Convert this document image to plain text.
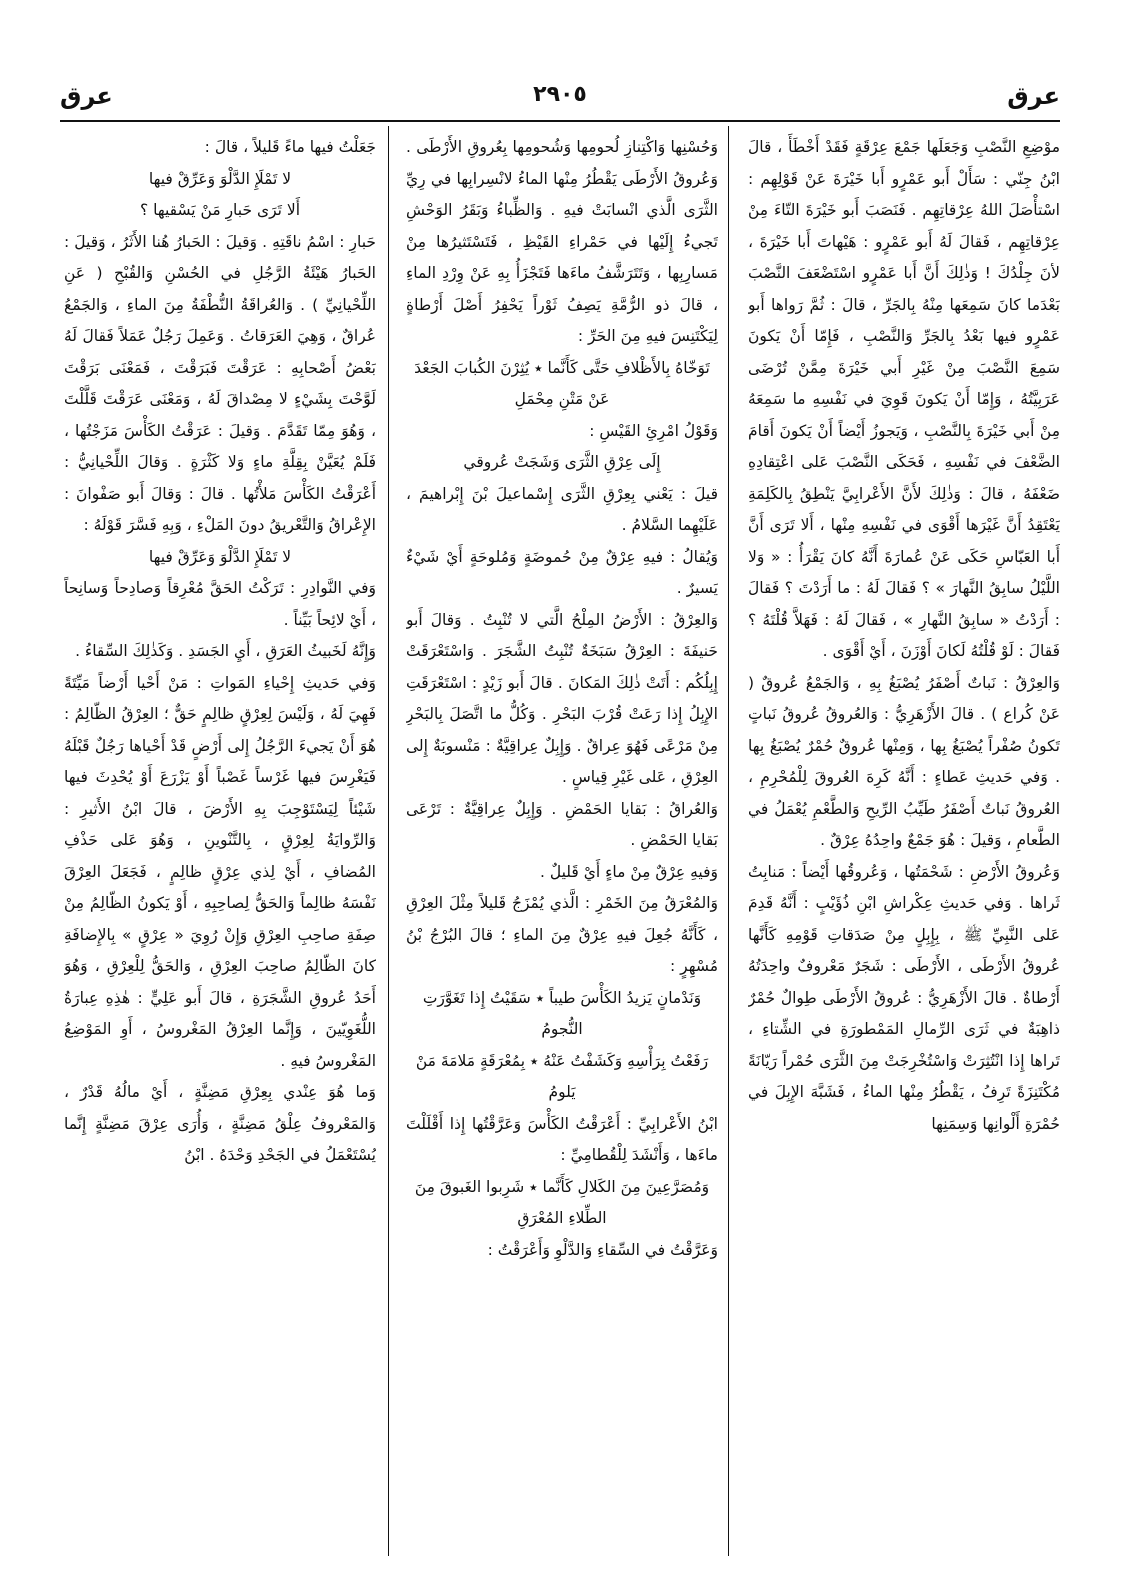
عرق
٢٩٠٥
عرق

موْضِعِ النَّصْبِ وَجَعَلَها جَمْعَ عِرْقَةٍ فَقَدْ أَخْطَأَ ، قالَ ابْنُ جِنّي : سَأَلْ أَبو عَمْرٍو أَبا خَيْرَةَ عَنْ قَوْلِهِم : اسْتأْصَلَ اللهُ عِرْقاتِهِم . فَنَصَبَ أَبو خَيْرَةَ التّاءَ مِنْ عِرْقاتِهِم ، فَقالَ لَهُ أَبو عَمْرٍو : هَيْهاتَ أَبا خَيْرَةَ ، لأنَ جِلْدُكَ ! وَذٰلِكَ أَنَّ أَبا عَمْرٍو اسْتَضْعَفَ النَّصْبَ بَعْدَما كانَ سَمِعَها مِنْهُ بِالجَرِّ ، قالَ : ثُمَّ رَواها أَبو عَمْرٍو فيها بَعْدُ بِالجَرِّ وَالنَّصْبِ ، فَإِمّا أَنْ يَكونَ سَمِعَ النَّصْبَ مِنْ غَيْرِ أَبي خَيْرَةَ مِمَّنْ تُرْضَى عَرَبِيَّتُهُ ، وَإِمّا أَنْ يَكونَ قَوِيَ في نَفْسِهِ ما سَمِعَهُ مِنْ أَبي خَيْرَةَ بِالنَّصْبِ ، وَيَجوزُ أَيْضاً أَنْ يَكونَ أَقامَ الضَّعْفَ في نَفْسِهِ ، فَحَكَى النَّصْبَ عَلى اعْتِقادِهِ ضَعْفَهُ ، قالَ : وَذٰلِكَ لأَنَّ الأَعْرابِيَّ يَنْطِقُ بِالكَلِمَةِ يَعْتَقِدُ أَنَّ غَيْرَها أَقْوَى في نَفْسِهِ مِنْها ، أَلا تَرَى أَنَّ أَبا العَبّاسِ حَكَى عَنْ عُمارَةَ أَنَّهُ كانَ يَقْرَأُ : « وَلا اللَّيْلُ سابِقُ النَّهارَ » ؟ فَقالَ لَهُ : ما أَرَدْتَ ؟ فَقالَ : أَرَدْتُ « سابِقُ النَّهارِ » ، فَقالَ لَهُ : فَهَلاَّ قُلْتَهُ ؟ فَقالَ : لَوْ قُلْتُهُ لَكانَ أَوْزَنَ ، أَيْ أَقْوَى .

وَالعِرْقُ : نَباتٌ أَصْفَرُ يُصْبَغُ بِهِ ، وَالجَمْعُ عُروقٌ ( عَنْ كُراع ) . قالَ الأَزْهَرِيُّ : وَالعُروقُ عُروقُ نَباتٍ تَكونُ صُفْراً يُصْبَغُ بِها ، وَمِنْها عُروقٌ حُمْرٌ يُصْبَغُ بِها . وَفي حَديثِ عَطاءٍ : أَنَّهُ كَرِهَ العُروقَ لِلْمُحْرِمِ ، العُروقُ نَباتٌ أَصْفَرُ طَيِّبُ الرِّيحِ وَالطَّعْمِ يُعْمَلُ في الطَّعامِ ، وَقيلَ : هُوَ جَمْعٌ واحِدُهُ عِرْقٌ .

وَعُروقُ الأَرْضِ : شَحْمَتُها ، وَعُروقُها أَيْضاً : مَنابِتُ ثَراها . وَفي حَديثِ عِكْراشِ ابْنِ ذُؤَيْبٍ : أَنَّهُ قَدِمَ عَلى النَّبِيِّ ﷺ ، بِإِبِلٍ مِنْ صَدَقاتِ قَوْمِهِ كَأَنَّها عُروقُ الأَرْطَى ، الأَرْطَى : شَجَرٌ مَعْروفٌ واحِدَتُهُ أَرْطاةٌ . قالَ الأَزْهَرِيُّ : عُروقُ الأَرْطَى طِوالٌ حُمْرٌ ذاهِبَةٌ في ثَرَى الرِّمالِ المَمْطورَةِ في الشِّتاءِ ، تَراها إِذا انْتُثِرَتْ وَاسْتُخْرِجَتْ مِنَ الثَّرَى حُمْراً رَيّانَةً مُكْتَنِزَةً تَرِفُ ، يَقْطُرُ مِنْها الماءُ ، فَشَبَّهَ الإِبِلَ في حُمْرَةِ أَلْوانِها وَسِمَنِها

وَحُسْنِها وَاكْتِنازِ لُحومِها وَشُحومِها بِعُروقِ الأَرْطَى . وَعُروقُ الأَرْطَى يَقْطُرُ مِنْها الماءُ لانْسِرابِها في رِيِّ الثَّرَى الَّذي انْسابَتْ فيهِ . وَالظِّباءُ وَبَقَرُ الوَحْشِ تَجيءُ إِلَيْها في حَمْراءِ القَيْظِ ، فَتَسْتَثيرُها مِنْ مَسارِبِها ، وَتَتَرَشَّفُ ماءَها فَتَجْزَأُ بِهِ عَنْ وِرْدِ الماءِ ، قالَ ذو الرُّمَّةِ يَصِفُ ثَوْراً يَحْفِرُ أَصْلَ أَرْطاةٍ لِيَكْتَنِسَ فيهِ مِنَ الحَرِّ :

تَوَخّاهُ بِالأَظْلافِ حَتَّى كَأَنَّما ٭ يُثِرْنَ الكُبابَ الجَعْدَ عَنْ مَتْنِ مِحْمَلِ

وَقَوْلُ امْرِئِ القَيْسِ :

إِلَى عِرْقِ الثَّرَى وَشَجَتْ عُروقي

قيلَ : يَعْني بِعِرْقِ الثَّرَى إِسْماعيلَ بْنَ إِبْراهيمَ ، عَلَيْهِما السَّلامُ .

وَيُقالُ : فيهِ عِرْقٌ مِنْ حُموضَةٍ وَمُلوحَةٍ أَيْ شَيْءٌ يَسيرٌ .

وَالعِرْقُ : الأَرْضُ المِلْحُ الَّتي لا تُنْبِتُ . وَقالَ أَبو حَنيفَةَ : العِرْقُ سَبَخَةٌ تُنْبِتُ الشَّجَرَ . وَاسْتَعْرَقَتْ إِبِلُكُم : أَتَتْ ذٰلِكَ المَكانَ . قالَ أَبو زَيْدٍ : اسْتَعْرَقَتِ الإِبِلُ إِذا رَعَتْ قُرْبَ البَحْرِ . وَكُلُّ ما اتَّصَلَ بِالبَحْرِ مِنْ مَرْعًى فَهُوَ عِراقٌ . وَإِبِلٌ عِراقِيَّةٌ : مَنْسوبَةٌ إِلى العِرْقِ ، عَلى غَيْرِ قِياسٍ .

وَالعُراقُ : بَقايا الحَمْضِ . وَإِبِلٌ عِراقِيَّةٌ : تَرْعَى بَقايا الحَمْضِ .

وَفيهِ عِرْقٌ مِنْ ماءٍ أَيْ قَليلٌ .

وَالمُعْرَقُ مِنَ الخَمْرِ : الَّذي يُمْزَجُ قَليلاً مِثْلَ العِرْقِ ، كَأَنَّهُ جُعِلَ فيهِ عِرْقٌ مِنَ الماءِ ؛ قالَ البُرْجُ بْنُ مُسْهِرٍ :

وَنَدْمانٍ يَزيدُ الكَأْسَ طيباً ٭ سَقَيْتُ إِذا تَغَوَّرَتِ النُّجومُ

رَفَعْتُ بِرَأْسِهِ وَكَشَفْتُ عَنْهُ ٭ بِمُعْرَقَةٍ مَلامَةَ مَنْ يَلومُ

ابْنُ الأَعْرابِيِّ : أَعْرَقْتُ الكَأْسَ وَعَرَّقْتُها إِذا أَقْلَلْتَ ماءَها ، وَأَنْشَدَ لِلْقُطامِيِّ :

وَمُصَرَّعِينَ مِنَ الكَلالِ كَأَنَّما ٭ شَرِبوا الغَبوقَ مِنَ الطِّلاءِ المُعْرَقِ

وَعَرَّقْتُ في السِّقاءِ وَالدَّلْوِ وَأَعْرَقْتُ :

جَعَلْتُ فيها ماءً قَليلاً ، قالَ :

لا تَمْلَإِ الدَّلْوَ وَعَرِّقْ فيها

أَلا تَرَى حَبارِ مَنْ يَسْقيها ؟

حَبارِ : اسْمُ ناقَتِهِ . وَقيلَ : الحَبارُ هُنا الأَثَرُ ، وَقيلَ : الحَبارُ هَيْئَةُ الرَّجُلِ في الحُسْنِ وَالقُبْحِ ( عَنِ اللِّحْيانِيِّ ) . وَالعُراقَةُ النُّطْفَةُ مِنَ الماءِ ، وَالجَمْعُ عُراقٌ ، وَهِيَ العَرَقاتُ . وَعَمِلَ رَجُلٌ عَمَلاً فَقالَ لَهُ بَعْضُ أَصْحابِهِ : عَرَقْتَ فَبَرَقْتَ ، فَمَعْنَى بَرَقْتَ لَوَّحْتَ بِشَيْءٍ لا مِصْداقَ لَهُ ، وَمَعْنَى عَرَقْتَ قَلَّلْتَ ، وَهُوَ مِمّا تَقَدَّمَ . وَقيلَ : عَرَقْتُ الكَأْسَ مَزَجْتُها ، فَلَمْ يُعَيَّنْ بِقِلَّةِ ماءٍ وَلا كَثْرَةٍ . وَقالَ اللِّحْيانِيُّ : أَعْرَقْتُ الكَأْسَ مَلأْتُها . قالَ : وَقالَ أَبو صَفْوانَ : الإِعْراقُ وَالتَّعْريقُ دونَ المَلْءِ ، وَبِهِ فَسَّرَ قَوْلَهُ :

لا تَمْلَإِ الدَّلْوَ وَعَرِّقْ فيها

وَفي النَّوادِرِ : تَرَكْتُ الحَقَّ مُعْرِقاً وَصادِحاً وَسانِحاً ، أَيْ لائِحاً بَيِّناً .

وَإِنَّهُ لَخَبيثُ العَرَقِ ، أَيِ الجَسَدِ . وَكَذٰلِكَ السِّقاءُ .

وَفي حَديثِ إِحْياءِ المَواتِ : مَنْ أَحْيا أَرْضاً مَيِّتَةً فَهِيَ لَهُ ، وَلَيْسَ لِعِرْقٍ ظالِمٍ حَقٌّ ؛ العِرْقُ الظّالِمُ : هُوَ أَنْ يَجيءَ الرَّجُلُ إِلى أَرْضٍ قَدْ أَحْياها رَجُلٌ قَبْلَهُ فَيَغْرِسَ فيها غَرْساً غَصْباً أَوْ يَزْرَعَ أَوْ يُحْدِثَ فيها شَيْئاً لِيَسْتَوْجِبَ بِهِ الأَرْضَ ، قالَ ابْنُ الأَثيرِ : وَالرِّوايَةُ لِعِرْقٍ ، بِالتَّنْوينِ ، وَهُوَ عَلى حَذْفِ المُضافِ ، أَيْ لِذي عِرْقٍ ظالِمٍ ، فَجَعَلَ العِرْقَ نَفْسَهُ ظالِماً وَالحَقُّ لِصاحِبِهِ ، أَوْ يَكونُ الظّالِمُ مِنْ صِفَةِ صاحِبِ العِرْقِ وَإِنْ رُوِيَ « عِرْقٍ » بِالإِضافَةِ كانَ الظّالِمُ صاحِبَ العِرْقِ ، وَالحَقُّ لِلْعِرْقِ ، وَهُوَ أَحَدُ عُروقِ الشَّجَرَةِ ، قالَ أَبو عَلِيٍّ : هٰذِهِ عِبارَةُ اللُّغَوِيّينَ ، وَإِنَّما العِرْقُ المَغْروسُ ، أَوِ المَوْضِعُ المَغْروسُ فيهِ .

وَما هُوَ عِنْدي بِعِرْقِ مَضِنَّةٍ ، أَيْ مالُهُ قَدْرٌ ، وَالمَعْروفُ عِلْقُ مَضِنَّةٍ ، وَأُرَى عِرْقَ مَضِنَّةٍ إِنَّما يُسْتَعْمَلُ في الجَحْدِ وَحْدَهُ . ابْنُ
